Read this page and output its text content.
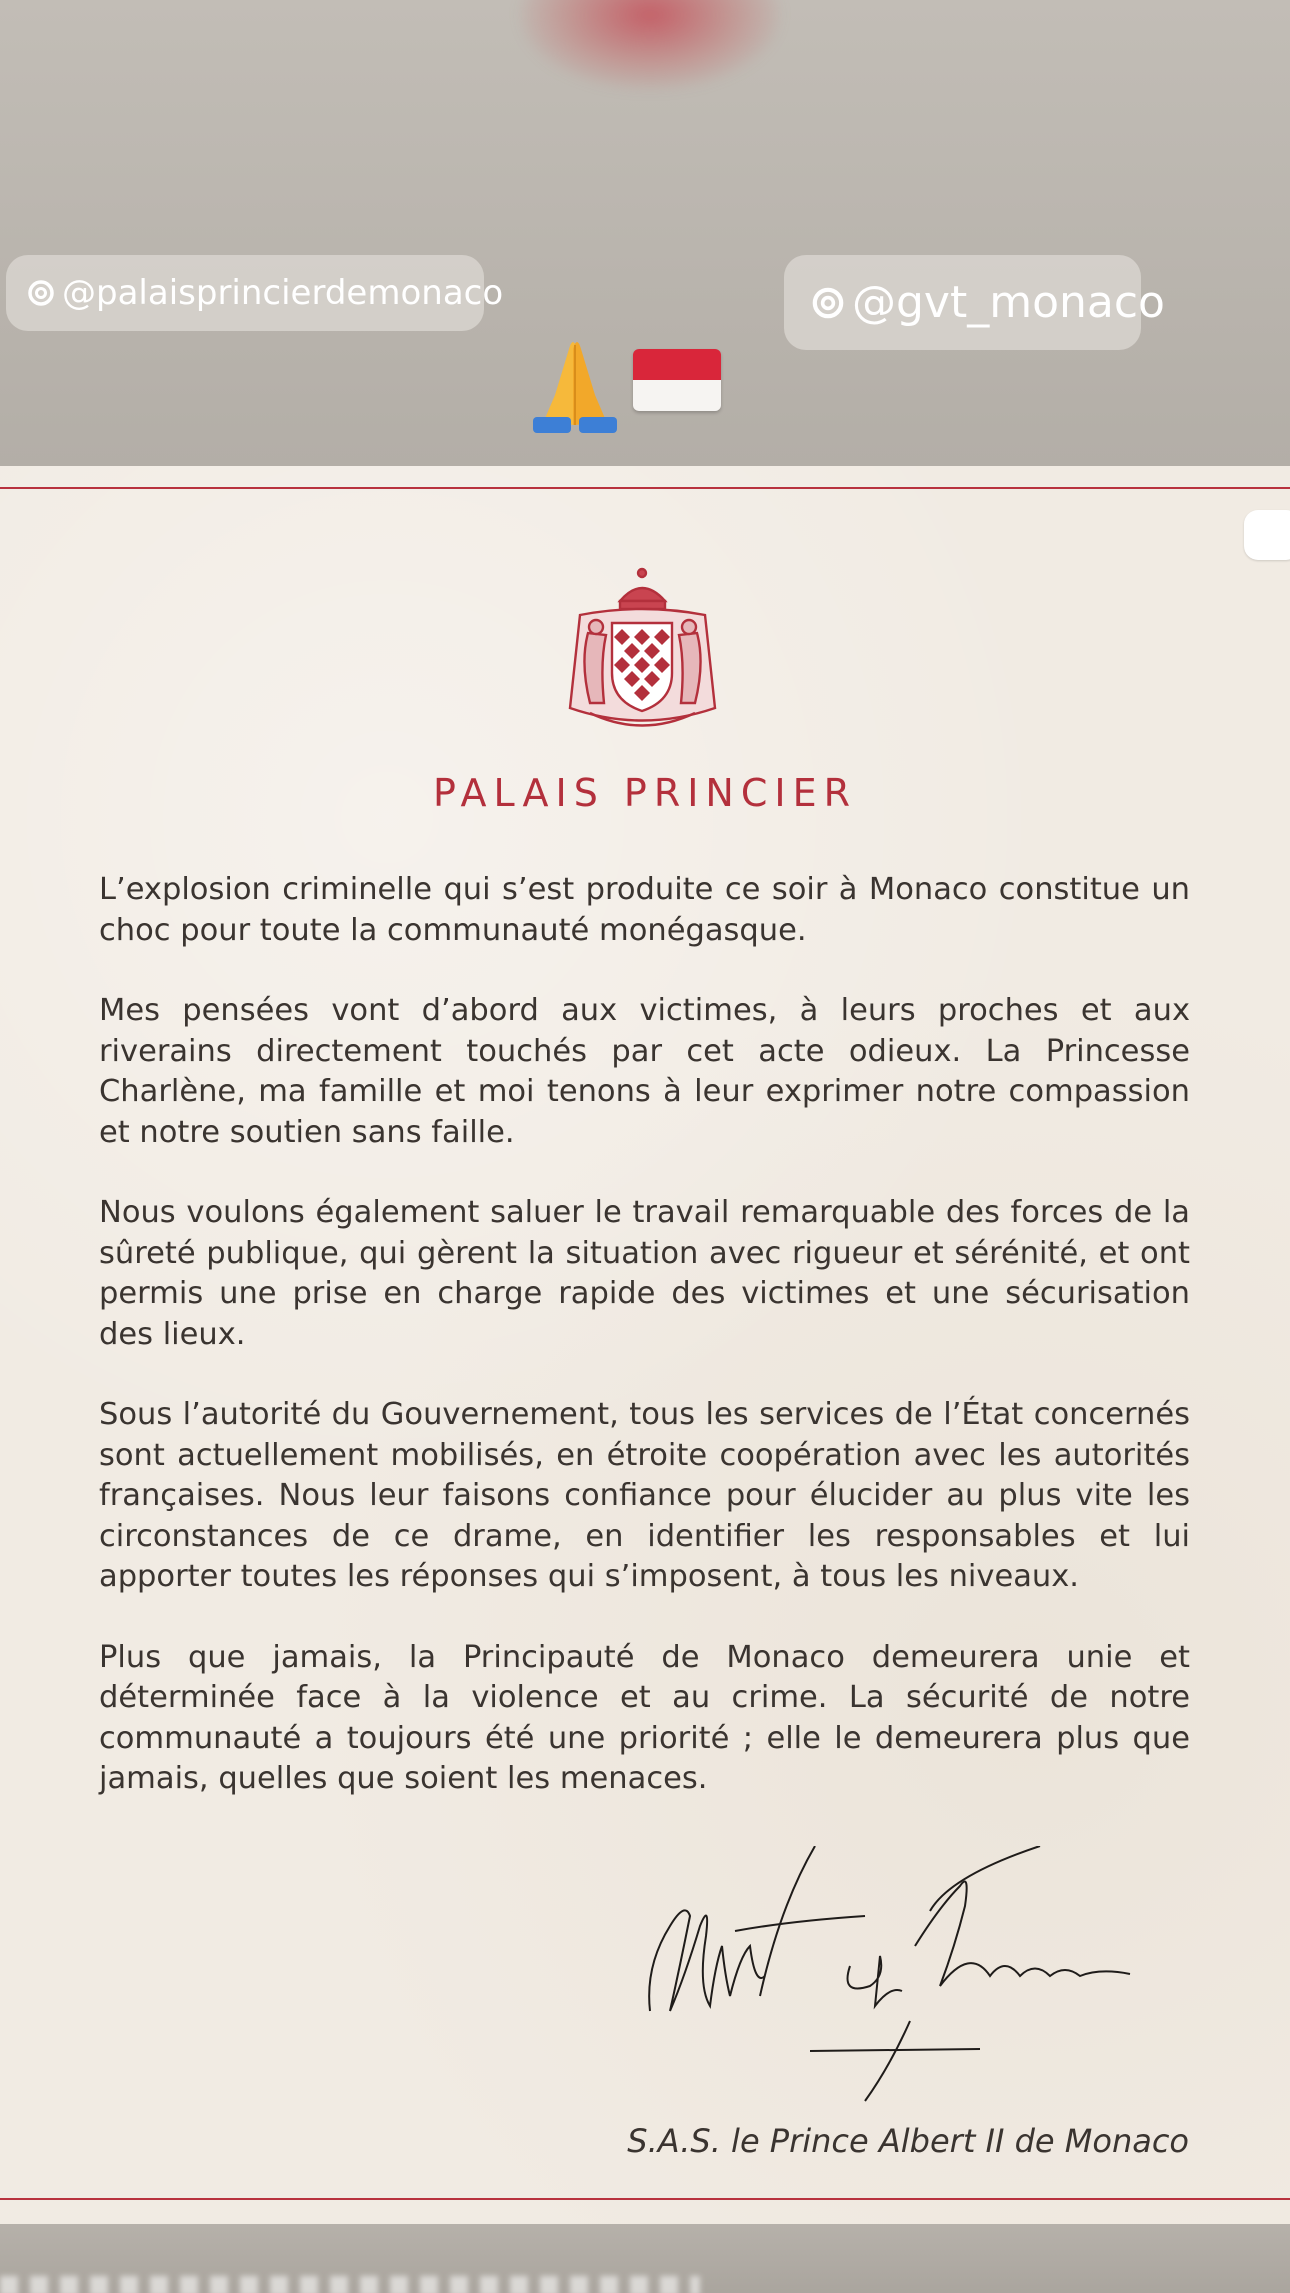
@palaisprincierdemonaco	@gvt_monaco
PALAIS PRINCIER

L’explosion criminelle qui s’est produite ce soir à Monaco constitue un choc pour toute la communauté monégasque.

Mes pensées vont d’abord aux victimes, à leurs proches et aux riverains directement touchés par cet acte odieux. La Princesse Charlène, ma famille et moi tenons à leur exprimer notre compassion et notre soutien sans faille.

Nous voulons également saluer le travail remarquable des forces de la sûreté publique, qui gèrent la situation avec rigueur et sérénité, et ont permis une prise en charge rapide des victimes et une sécurisation des lieux.

Sous l’autorité du Gouvernement, tous les services de l’État concernés sont actuellement mobilisés, en étroite coopération avec les autorités françaises. Nous leur faisons confiance pour élucider au plus vite les circonstances de ce drame, en identifier les responsables et lui apporter toutes les réponses qui s’imposent, à tous les niveaux.

Plus que jamais, la Principauté de Monaco demeurera unie et déterminée face à la violence et au crime. La sécurité de notre communauté a toujours été une priorité ; elle le demeurera plus que jamais, quelles que soient les menaces.

S.A.S. le Prince Albert II de Monaco
